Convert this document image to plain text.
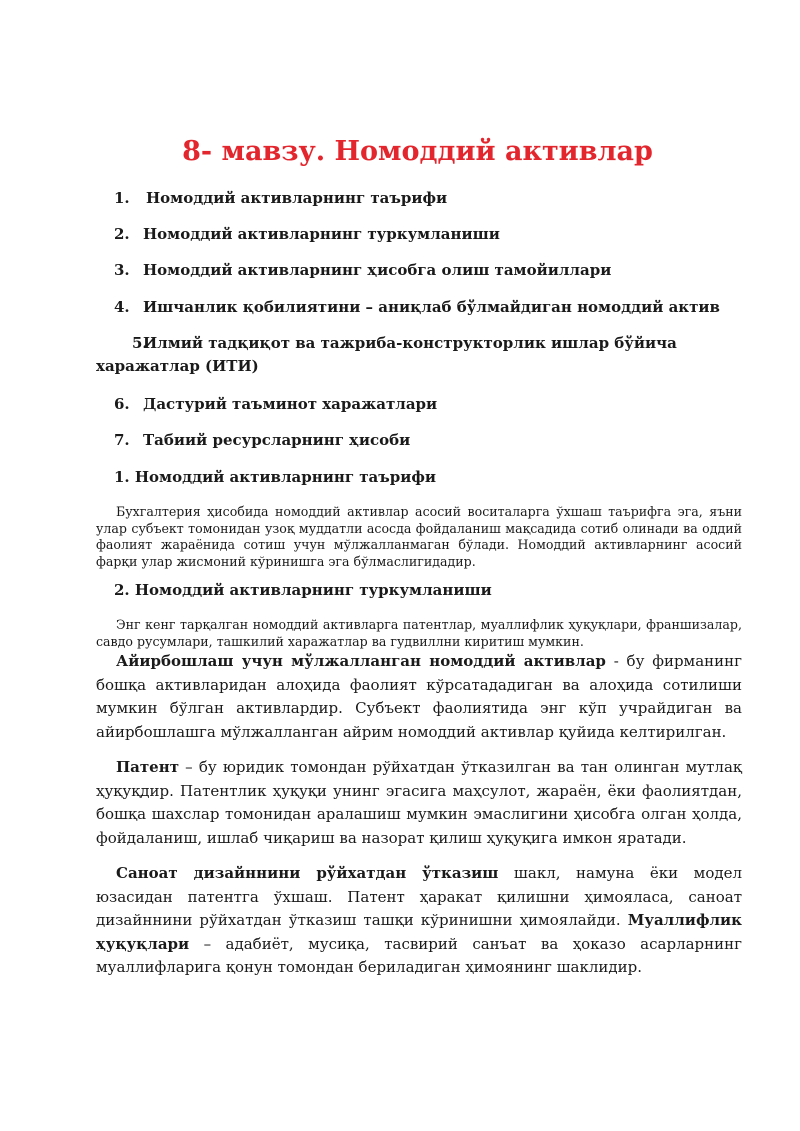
8- мавзу. Номоддий активлар
1. Номоддий активларнинг таърифи
2. Номоддий активларнинг туркумланиши
3. Номоддий активларнинг ҳисобга олиш тамойиллари
4. Ишчанлик қобилиятини – аниқлаб бўлмайдиган номоддий актив
5.Илмий тадқиқот ва тажриба-конструкторлик ишлар бўйича харажатлар (ИТИ)
6. Дастурий таъминот харажатлари
7. Табиий ресурсларнинг ҳисоби
1. Номоддий активларнинг таърифи

Бухгалтерия ҳисобида номоддий активлар асосий воситаларга ўхшаш таърифга эга, яъни улар субъект томонидан узоқ муддатли асосда фойдаланиш мақсадида сотиб олинади ва оддий фаолият жараёнида сотиш учун мўлжалланмаган бўлади. Номоддий активларнинг асосий фарқи улар жисмоний кўринишга эга бўлмаслигидадир.

2. Номоддий активларнинг туркумланиши

Энг кенг тарқалган номоддий активларга патентлар, муаллифлик ҳуқуқлари, франшизалар, савдо русумлари, ташкилий харажатлар ва гудвиллни киритиш мумкин.

Айирбошлаш учун мўлжалланган номоддий активлар - бу фирманинг бошқа активларидан алоҳида фаолият кўрсатададиган ва алоҳида сотилиши мумкин бўлган активлардир. Субъект фаолиятида энг кўп учрайдиган ва айирбошлашга мўлжалланган айрим номоддий активлар қуйида келтирилган.

Патент – бу юридик томондан рўйхатдан ўтказилган ва тан олинган мутлақ ҳуқуқдир. Патентлик ҳуқуқи унинг эгасига маҳсулот, жараён, ёки фаолиятдан, бошқа шахслар томонидан аралашиш мумкин эмаслигини ҳисобга олган ҳолда, фойдаланиш, ишлаб чиқариш ва назорат қилиш ҳуқуқига имкон яратади.

Саноат дизайннини рўйхатдан ўтказиш шакл, намуна ёки модел юзасидан патентга ўхшаш. Патент ҳаракат қилишни ҳимояласа, саноат дизайннини рўйхатдан ўтказиш ташқи кўринишни ҳимоялайди. Муаллифлик ҳуқуқлари – адабиёт, мусиқа, тасвирий санъат ва ҳоказо асарларнинг муаллифларига қонун томондан бериладиган ҳимоянинг шаклидир.
